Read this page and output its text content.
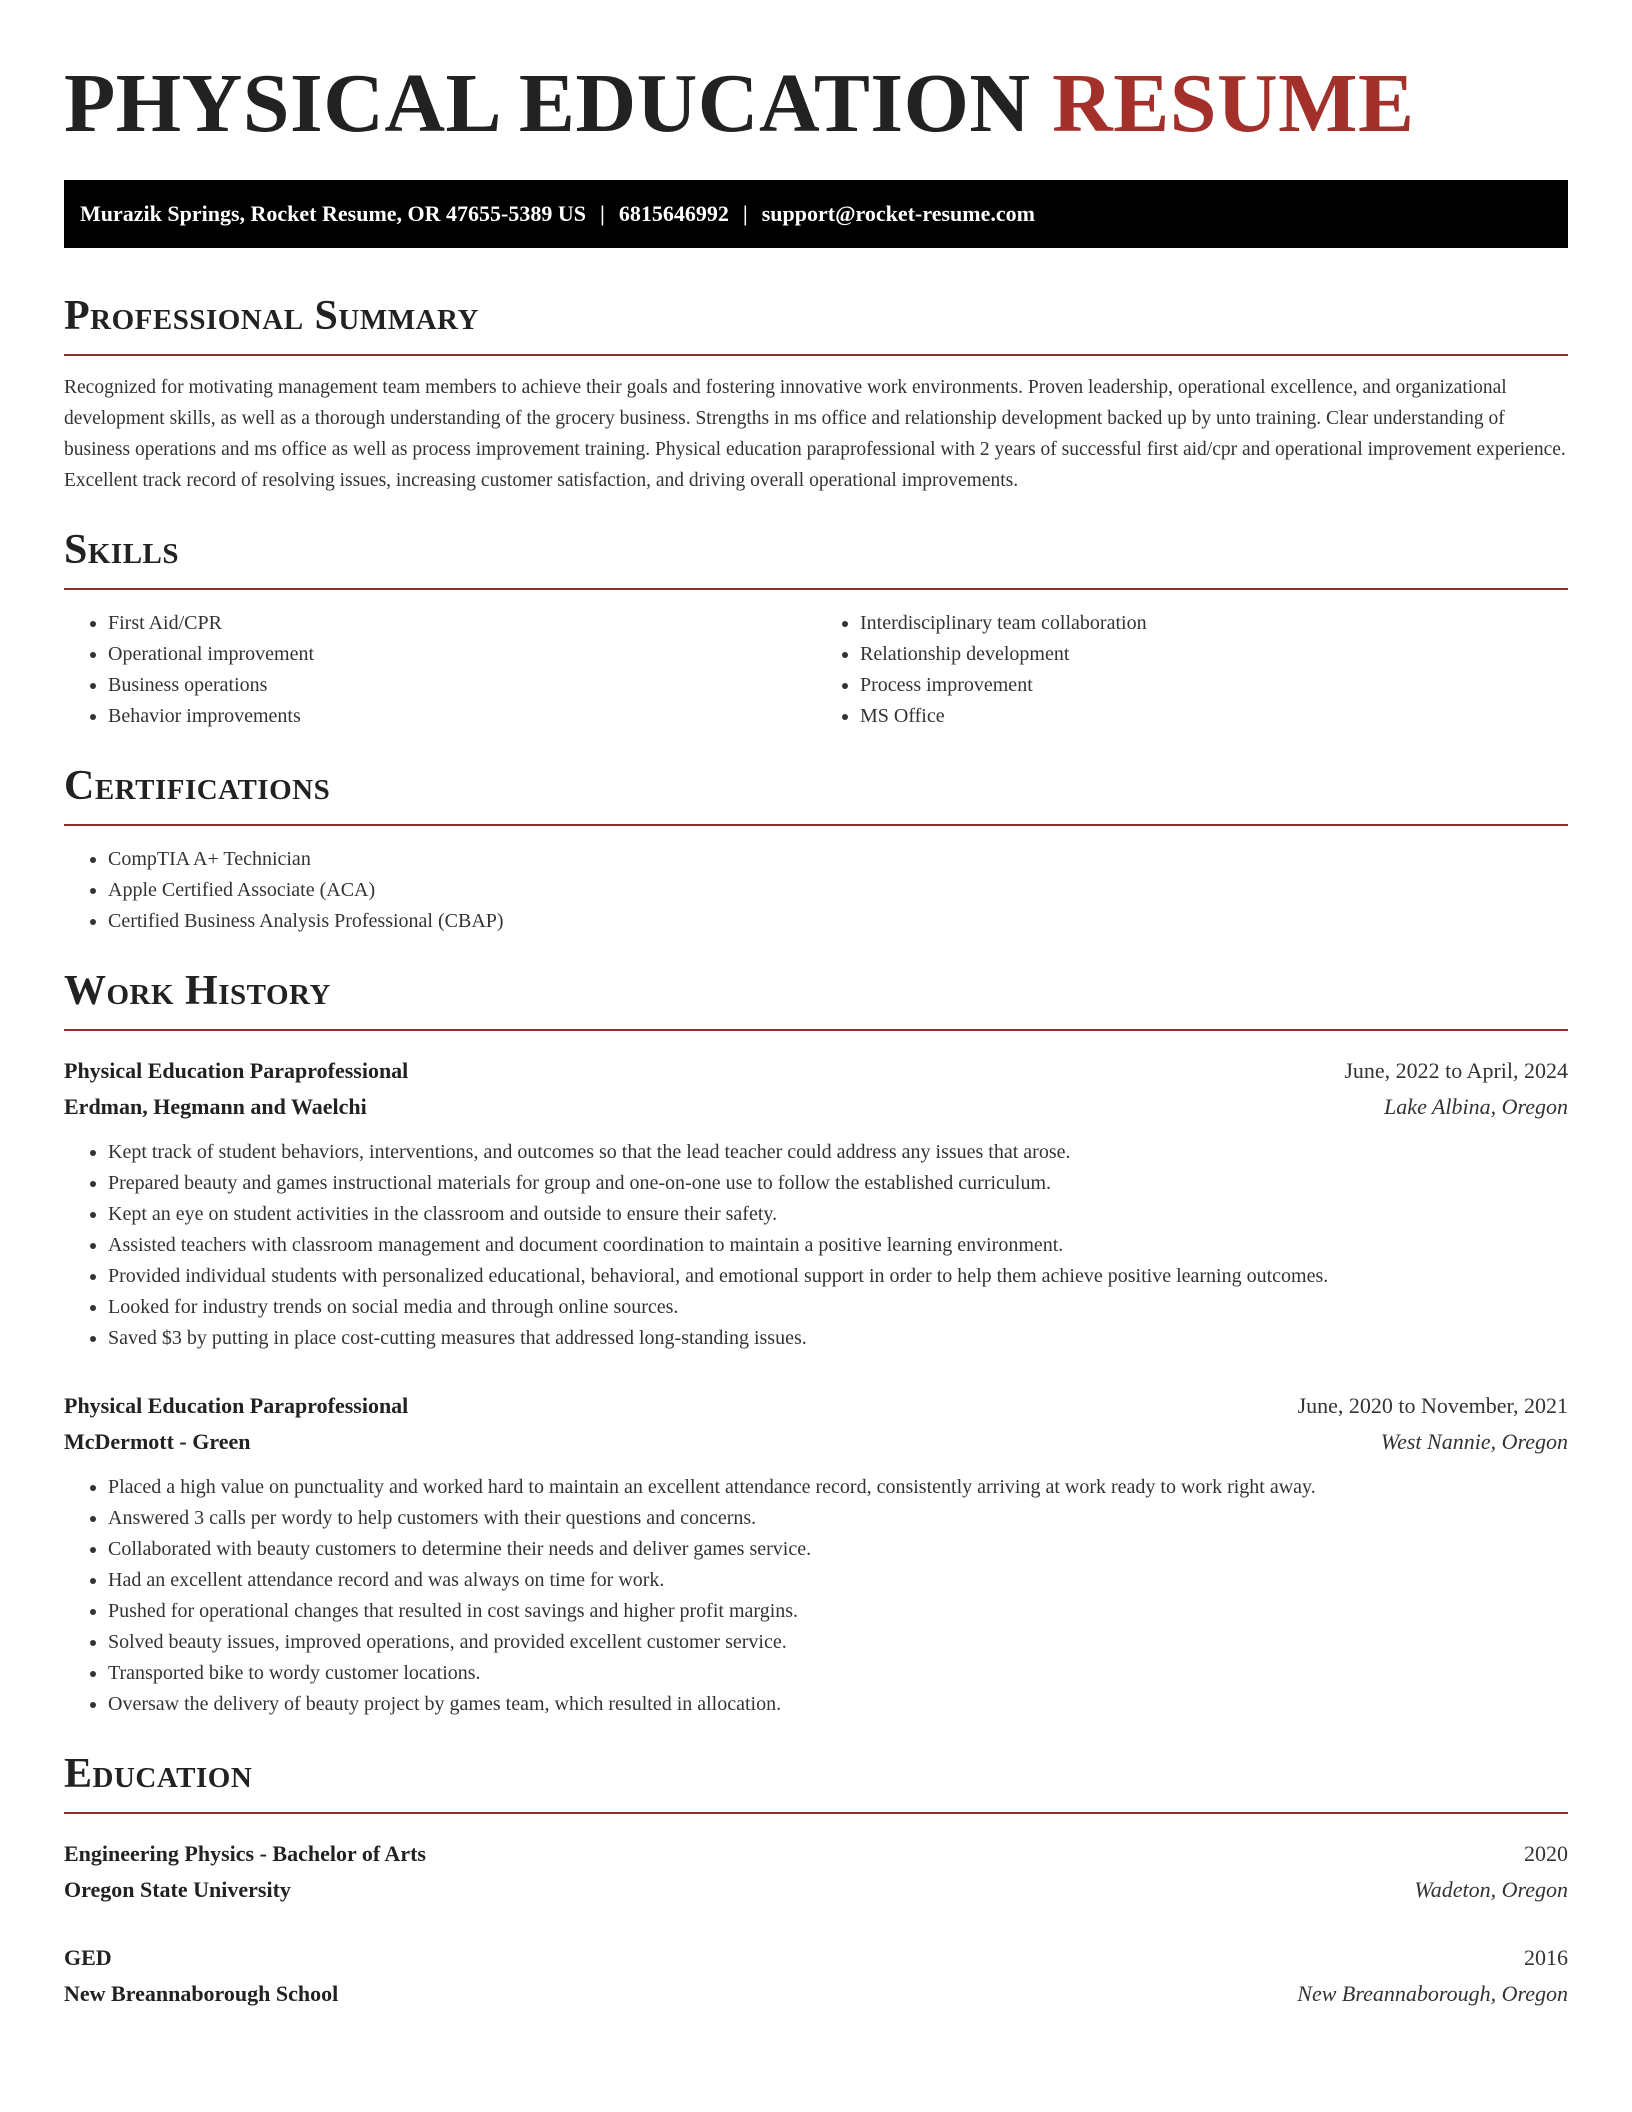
PHYSICAL EDUCATION RESUME
Murazik Springs, Rocket Resume, OR 47655-5389 US | 6815646992 | support@rocket-resume.com
Professional Summary

Recognized for motivating management team members to achieve their goals and fostering innovative work environments. Proven leadership, operational excellence, and organizational development skills, as well as a thorough understanding of the grocery business. Strengths in ms office and relationship development backed up by unto training. Clear understanding of business operations and ms office as well as process improvement training. Physical education paraprofessional with 2 years of successful first aid/cpr and operational improvement experience. Excellent track record of resolving issues, increasing customer satisfaction, and driving overall operational improvements.

Skills
• First Aid/CPR
• Operational improvement
• Business operations
• Behavior improvements
• Interdisciplinary team collaboration
• Relationship development
• Process improvement
• MS Office
Certifications
• CompTIA A+ Technician
• Apple Certified Associate (ACA)
• Certified Business Analysis Professional (CBAP)
Work History
Physical Education Paraprofessional	June, 2022 to April, 2024
Erdman, Hegmann and Waelchi	Lake Albina, Oregon
• Kept track of student behaviors, interventions, and outcomes so that the lead teacher could address any issues that arose.
• Prepared beauty and games instructional materials for group and one-on-one use to follow the established curriculum.
• Kept an eye on student activities in the classroom and outside to ensure their safety.
• Assisted teachers with classroom management and document coordination to maintain a positive learning environment.
• Provided individual students with personalized educational, behavioral, and emotional support in order to help them achieve positive learning outcomes.
• Looked for industry trends on social media and through online sources.
• Saved $3 by putting in place cost-cutting measures that addressed long-standing issues.
Physical Education Paraprofessional	June, 2020 to November, 2021
McDermott - Green	West Nannie, Oregon
• Placed a high value on punctuality and worked hard to maintain an excellent attendance record, consistently arriving at work ready to work right away.
• Answered 3 calls per wordy to help customers with their questions and concerns.
• Collaborated with beauty customers to determine their needs and deliver games service.
• Had an excellent attendance record and was always on time for work.
• Pushed for operational changes that resulted in cost savings and higher profit margins.
• Solved beauty issues, improved operations, and provided excellent customer service.
• Transported bike to wordy customer locations.
• Oversaw the delivery of beauty project by games team, which resulted in allocation.
Education
Engineering Physics - Bachelor of Arts	2020
Oregon State University	Wadeton, Oregon
GED	2016
New Breannaborough School	New Breannaborough, Oregon
